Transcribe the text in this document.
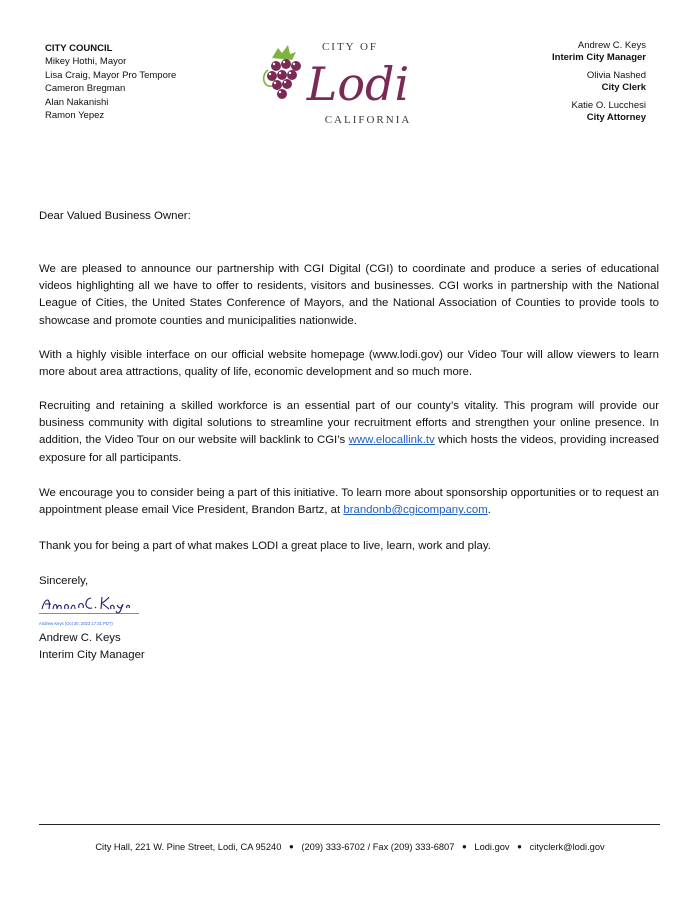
CITY COUNCIL
Mikey Hothi, Mayor
Lisa Craig, Mayor Pro Tempore
Cameron Bregman
Alan Nakanishi
Ramon Yepez
CITY OF
Lodi
CALIFORNIA
Andrew C. Keys
Interim City Manager
Olivia Nashed
City Clerk
Katie O. Lucchesi
City Attorney

Dear Valued Business Owner:

We are pleased to announce our partnership with CGI Digital (CGI) to coordinate and produce a series of educational videos highlighting all we have to offer to residents, visitors and businesses. CGI works in partnership with the National League of Cities, the United States Conference of Mayors, and the National Association of Counties to provide tools to showcase and promote counties and municipalities nationwide.

With a highly visible interface on our official website homepage (www.lodi.gov) our Video Tour will allow viewers to learn more about area attractions, quality of life, economic development and so much more.

Recruiting and retaining a skilled workforce is an essential part of our county’s vitality. This program will provide our business community with digital solutions to streamline your recruitment efforts and strengthen your online presence. In addition, the Video Tour on our website will backlink to CGI’s www.elocallink.tv which hosts the videos, providing increased exposure for all participants.

We encourage you to consider being a part of this initiative. To learn more about sponsorship opportunities or to request an appointment please email Vice President, Brandon Bartz, at brandonb@cgicompany.com.

Thank you for being a part of what makes LODI a great place to live, learn, work and play.

Sincerely,

Andrew Keys (Oct 30, 2023 17:31 PDT)
Andrew C. Keys
Interim City Manager
City Hall, 221 W. Pine Street, Lodi, CA 95240 ● (209) 333-6702 / Fax (209) 333-6807 ● Lodi.gov ● cityclerk@lodi.gov
